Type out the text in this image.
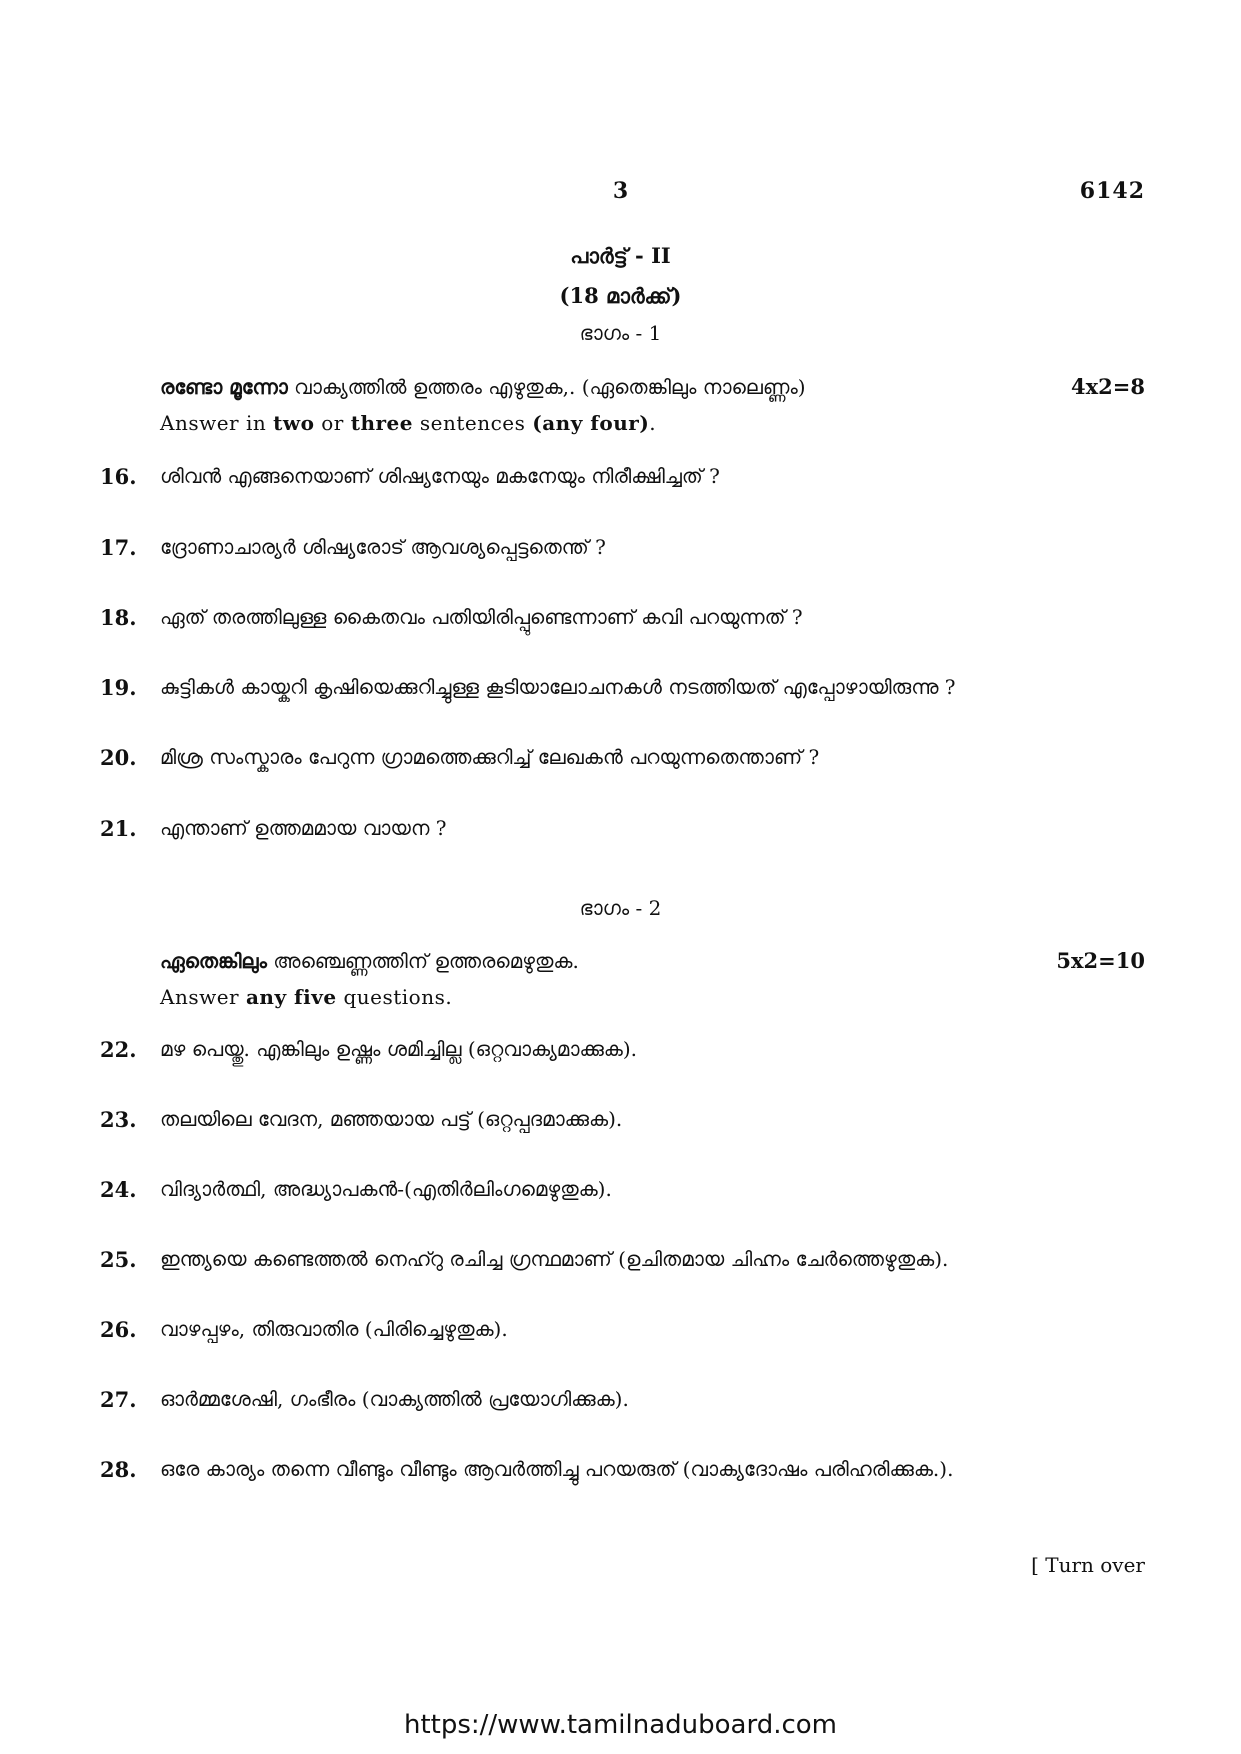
3	6142
പാർട്ട് - II
(18 മാർക്ക്)
ഭാഗം - 1
രണ്ടോ മൂന്നോ വാക്യത്തിൽ ഉത്തരം എഴുതുക,. (ഏതെങ്കിലും നാലെണ്ണം)	4x2=8
Answer in two or three sentences (any four).
16.	ശിവൻ എങ്ങനെയാണ് ശിഷ്യനേയും മകനേയും നിരീക്ഷിച്ചത് ?
17.	ദ്രോണാചാര്യർ ശിഷ്യരോട് ആവശ്യപ്പെട്ടതെന്ത് ?
18.	ഏത് തരത്തിലുള്ള കൈതവം പതിയിരിപ്പുണ്ടെന്നാണ് കവി പറയുന്നത് ?
19.	കുട്ടികൾ കായ്കറി കൃഷിയെക്കുറിച്ചുള്ള കൂടിയാലോചനകൾ നടത്തിയത് എപ്പോഴായിരുന്നു ?
20.	മിശ്ര സംസ്കാരം പേറുന്ന ഗ്രാമത്തെക്കുറിച്ച് ലേഖകൻ പറയുന്നതെന്താണ് ?
21.	എന്താണ് ഉത്തമമായ വായന ?
ഭാഗം - 2
ഏതെങ്കിലും അഞ്ചെണ്ണത്തിന് ഉത്തരമെഴുതുക.	5x2=10
Answer any five questions.
22.	മഴ പെയ്തു. എങ്കിലും ഉഷ്ണം ശമിച്ചില്ല (ഒറ്റവാക്യമാക്കുക).
23.	തലയിലെ വേദന, മഞ്ഞയായ പട്ട് (ഒറ്റപ്പദമാക്കുക).
24.	വിദ്യാർത്ഥി, അദ്ധ്യാപകൻ-(എതിർലിംഗമെഴുതുക).
25.	ഇന്ത്യയെ കണ്ടെത്തൽ നെഹ്റു രചിച്ച ഗ്രന്ഥമാണ് (ഉചിതമായ ചിഹ്നം ചേർത്തെഴുതുക).
26.	വാഴപ്പഴം, തിരുവാതിര (പിരിച്ചെഴുതുക).
27.	ഓർമ്മശേഷി, ഗംഭീരം (വാക്യത്തിൽ പ്രയോഗിക്കുക).
28.	ഒരേ കാര്യം തന്നെ വീണ്ടും വീണ്ടും ആവർത്തിച്ചു പറയരുത് (വാക്യദോഷം പരിഹരിക്കുക.).
[ Turn over
https://www.tamilnaduboard.com
